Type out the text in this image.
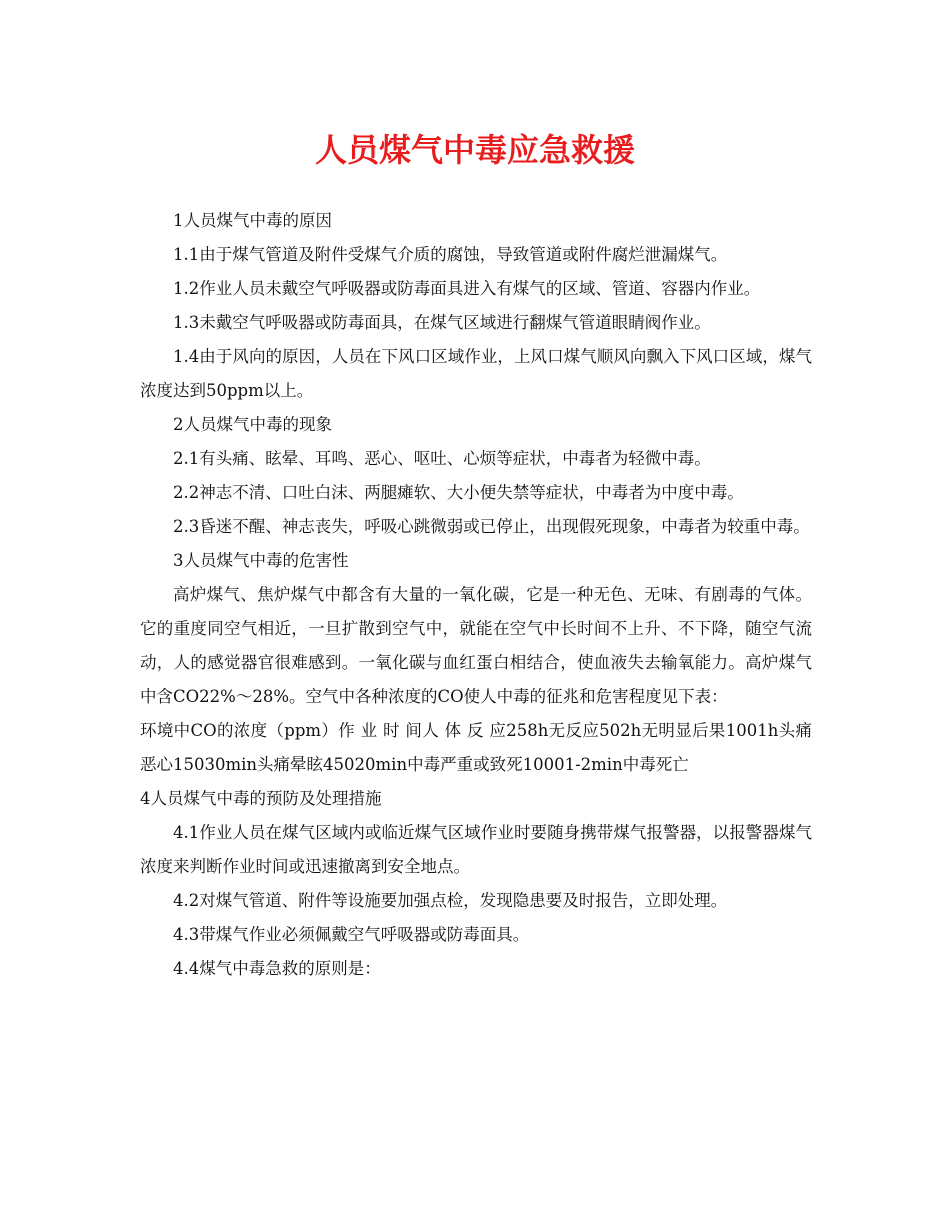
人员煤气中毒应急救援

1人员煤气中毒的原因

1.1由于煤气管道及附件受煤气介质的腐蚀，导致管道或附件腐烂泄漏煤气。

1.2作业人员未戴空气呼吸器或防毒面具进入有煤气的区域、管道、容器内作业。

1.3未戴空气呼吸器或防毒面具，在煤气区域进行翻煤气管道眼睛阀作业。

1.4由于风向的原因，人员在下风口区域作业，上风口煤气顺风向飘入下风口区域，煤气浓度达到50ppm以上。

2人员煤气中毒的现象

2.1有头痛、眩晕、耳鸣、恶心、呕吐、心烦等症状，中毒者为轻微中毒。

2.2神志不清、口吐白沫、两腿瘫软、大小便失禁等症状，中毒者为中度中毒。

2.3昏迷不醒、神志丧失，呼吸心跳微弱或已停止，出现假死现象，中毒者为较重中毒。

3人员煤气中毒的危害性

高炉煤气、焦炉煤气中都含有大量的一氧化碳，它是一种无色、无味、有剧毒的气体。它的重度同空气相近，一旦扩散到空气中，就能在空气中长时间不上升、不下降，随空气流动，人的感觉器官很难感到。一氧化碳与血红蛋白相结合，使血液失去输氧能力。高炉煤气中含CO22%～28%。空气中各种浓度的CO使人中毒的征兆和危害程度见下表：

环境中CO的浓度（ppm）作 业 时 间人 体 反 应258h无反应502h无明显后果1001h头痛恶心15030min头痛晕眩45020min中毒严重或致死10001-2min中毒死亡

4人员煤气中毒的预防及处理措施

4.1作业人员在煤气区域内或临近煤气区域作业时要随身携带煤气报警器，以报警器煤气浓度来判断作业时间或迅速撤离到安全地点。

4.2对煤气管道、附件等设施要加强点检，发现隐患要及时报告，立即处理。

4.3带煤气作业必须佩戴空气呼吸器或防毒面具。

4.4煤气中毒急救的原则是：
